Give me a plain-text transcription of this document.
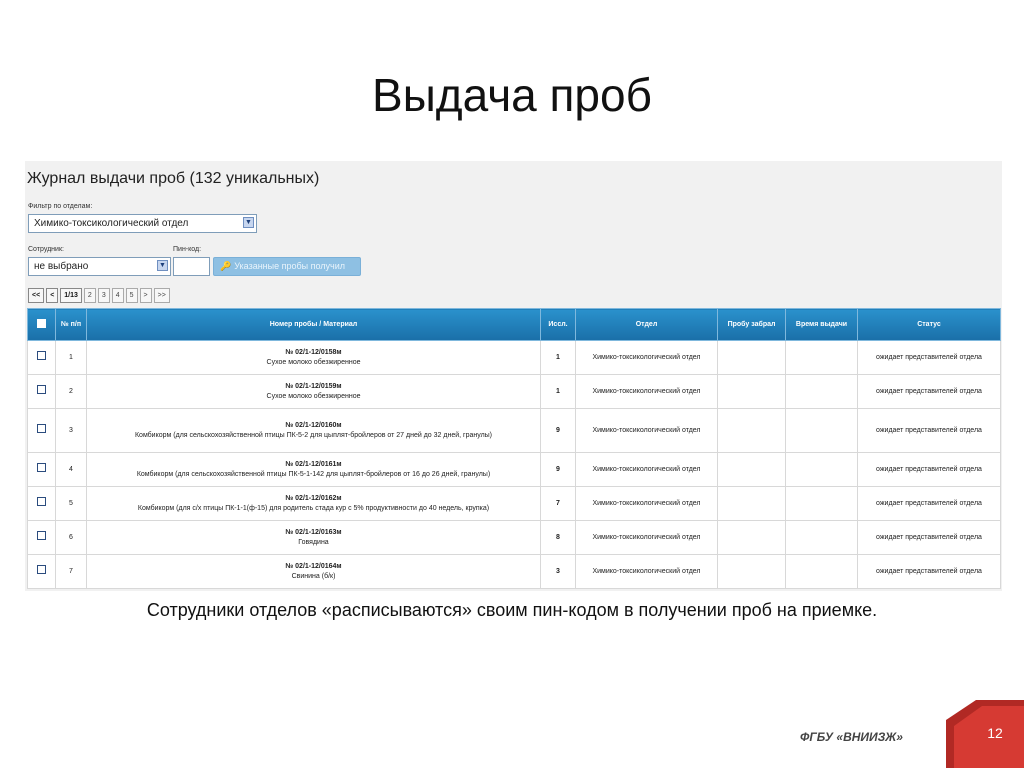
Выдача проб
Журнал выдачи проб (132 уникальных)
Фильтр по отделам:
Химико-токсикологический отдел	▼
Сотрудник:	Пин-код:
не выбрано	▼	🔑 Указанные пробы получил
<<	<	1/13	2	3	4	5	>	>>
	№ п/п	Номер пробы / Материал	Иссл.	Отдел	Пробу забрал	Время выдачи	Статус
	1	№ 02/1-12/0158м
Сухое молоко обезжиренное	1	Химико-токсикологический отдел			ожидает представителей отдела
	2	№ 02/1-12/0159м
Сухое молоко обезжиренное	1	Химико-токсикологический отдел			ожидает представителей отдела
	3	№ 02/1-12/0160м
Комбикорм (для сельскохозяйственной птицы ПК-5-2 для цыплят-бройлеров от 27 дней до 32 дней, гранулы)	9	Химико-токсикологический отдел			ожидает представителей отдела
	4	№ 02/1-12/0161м
Комбикорм (для сельскохозяйственной птицы ПК-5-1-142 для цыплят-бройлеров от 16 до 26 дней, гранулы)	9	Химико-токсикологический отдел			ожидает представителей отдела
	5	№ 02/1-12/0162м
Комбикорм (для с/х птицы ПК-1-1(ф-15) для родитель стада кур с 5% продуктивности до 40 недель, крупка)	7	Химико-токсикологический отдел			ожидает представителей отдела
	6	№ 02/1-12/0163м
Говядина	8	Химико-токсикологический отдел			ожидает представителей отдела
	7	№ 02/1-12/0164м
Свинина (б/к)	3	Химико-токсикологический отдел			ожидает представителей отдела
Сотрудники отделов «расписываются» своим пин-кодом в получении проб на приемке.
ФГБУ «ВНИИЗЖ»	12
